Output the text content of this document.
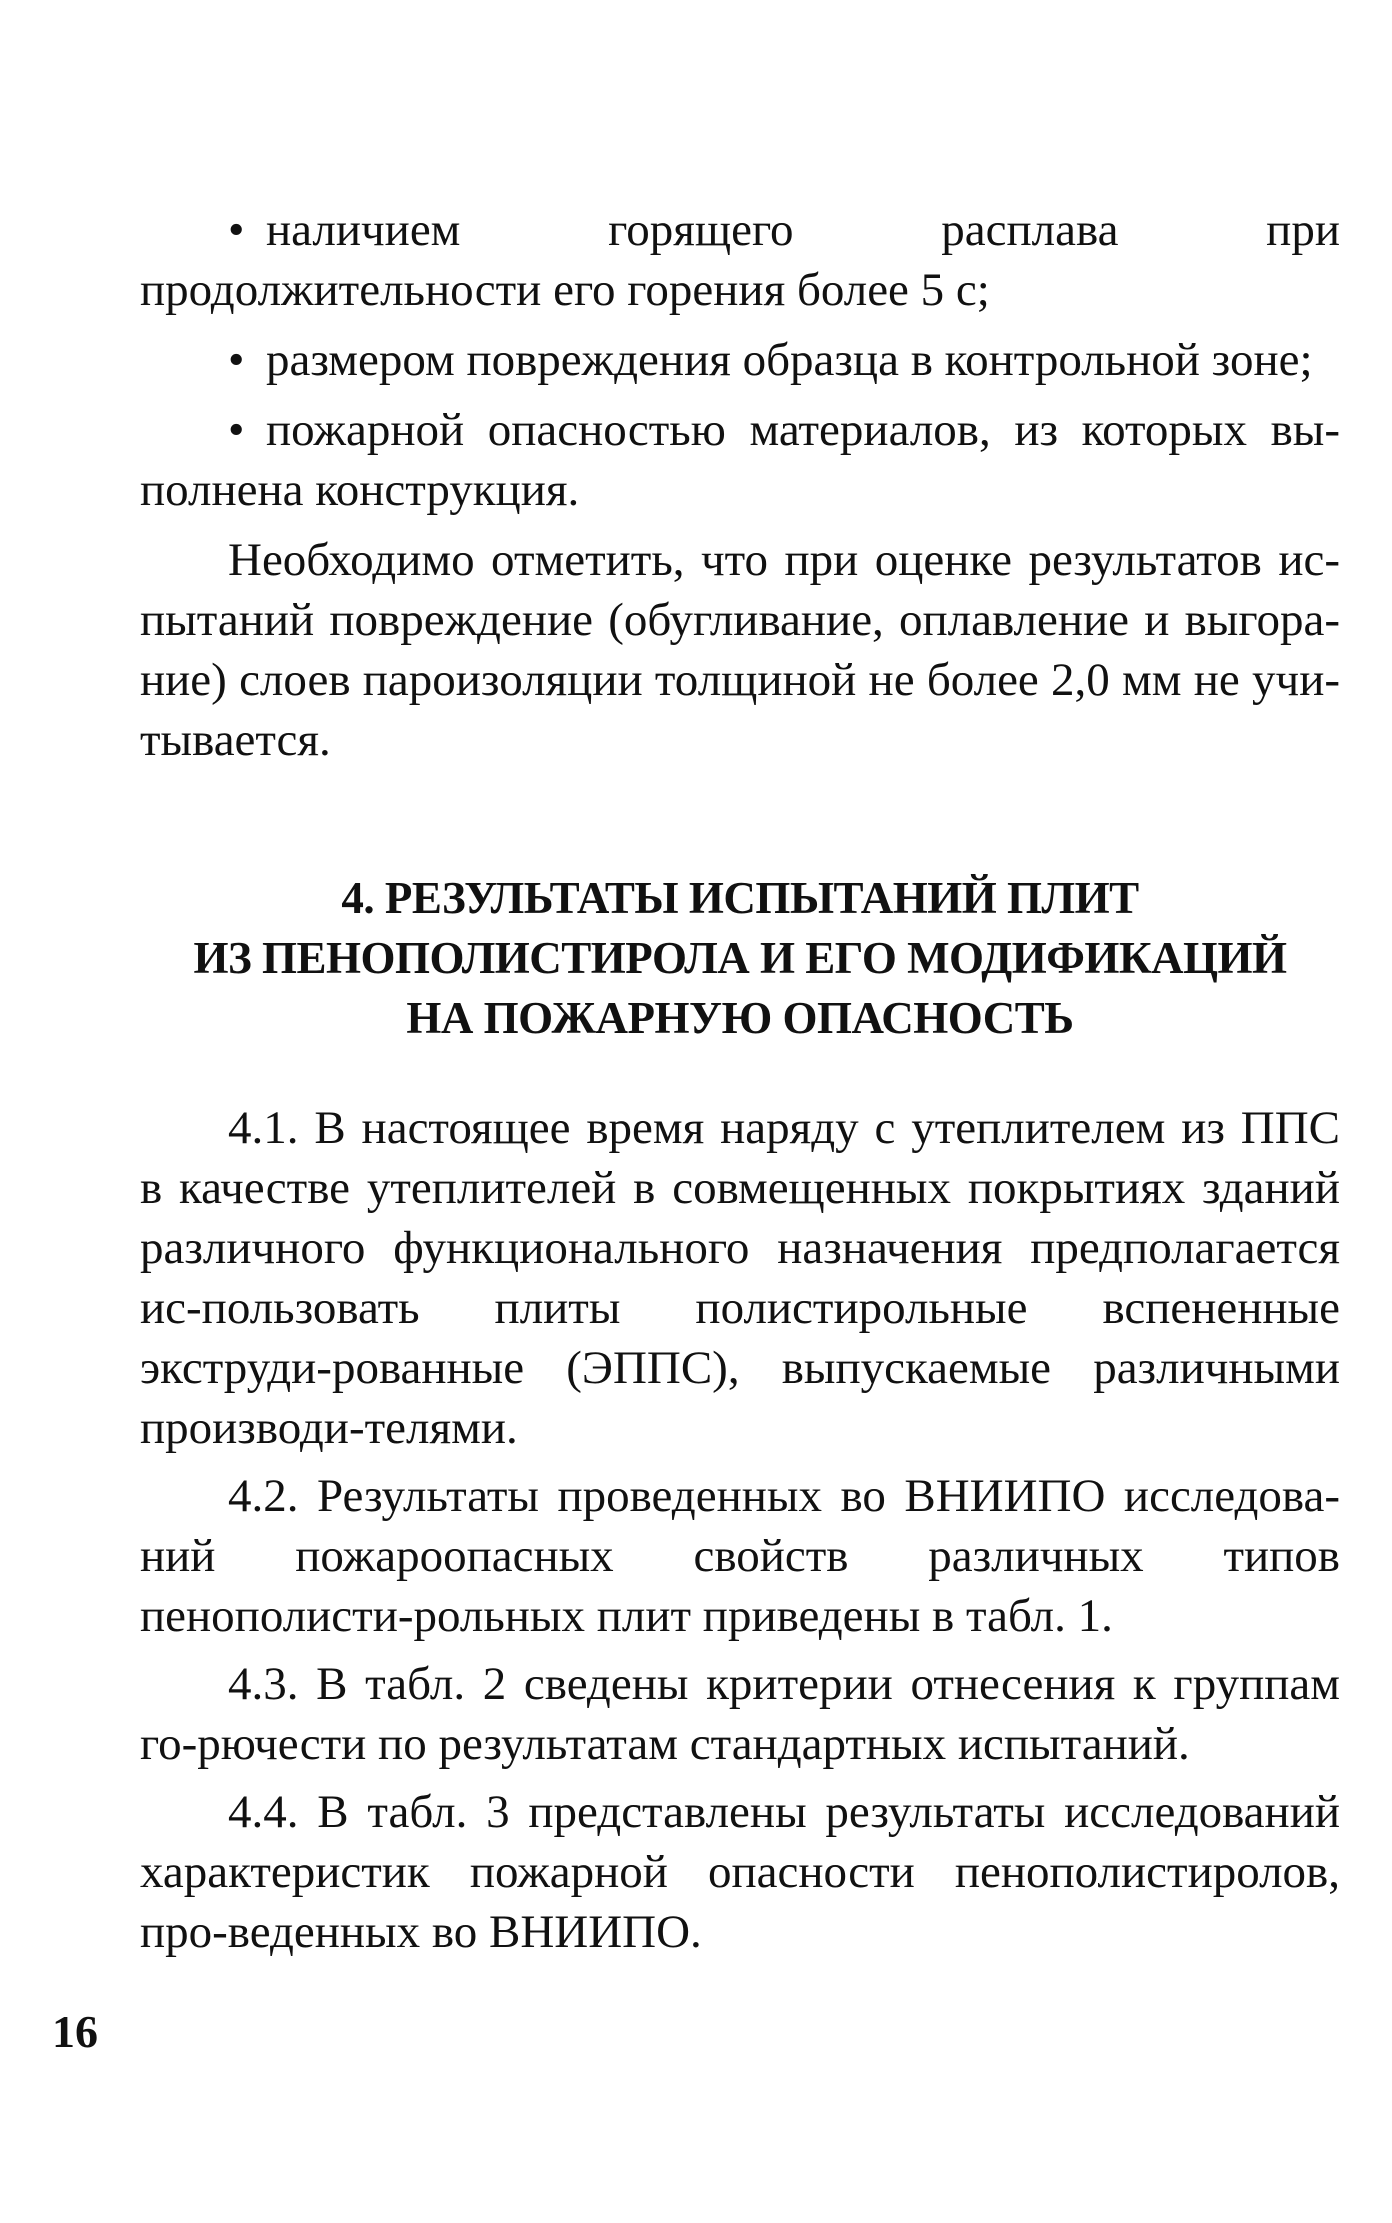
• наличием горящего расплава при продолжительности его горения более 5 с;

• размером повреждения образца в контрольной зоне;

• пожарной опасностью материалов, из которых вы-полнена конструкция.

Необходимо отметить, что при оценке результатов ис-пытаний повреждение (обугливание, оплавление и выгора-ние) слоев пароизоляции толщиной не более 2,0 мм не учи-тывается.

4. РЕЗУЛЬТАТЫ ИСПЫТАНИЙ ПЛИТ
ИЗ ПЕНОПОЛИСТИРОЛА И ЕГО МОДИФИКАЦИЙ
НА ПОЖАРНУЮ ОПАСНОСТЬ

4.1. В настоящее время наряду с утеплителем из ППС в качестве утеплителей в совмещенных покрытиях зданий различного функционального назначения предполагается ис-пользовать плиты полистирольные вспененные экструди-рованные (ЭППС), выпускаемые различными производи-телями.

4.2. Результаты проведенных во ВНИИПО исследова-ний пожароопасных свойств различных типов пенополисти-рольных плит приведены в табл. 1.

4.3. В табл. 2 сведены критерии отнесения к группам го-рючести по результатам стандартных испытаний.

4.4. В табл. 3 представлены результаты исследований характеристик пожарной опасности пенополистиролов, про-веденных во ВНИИПО.

16
